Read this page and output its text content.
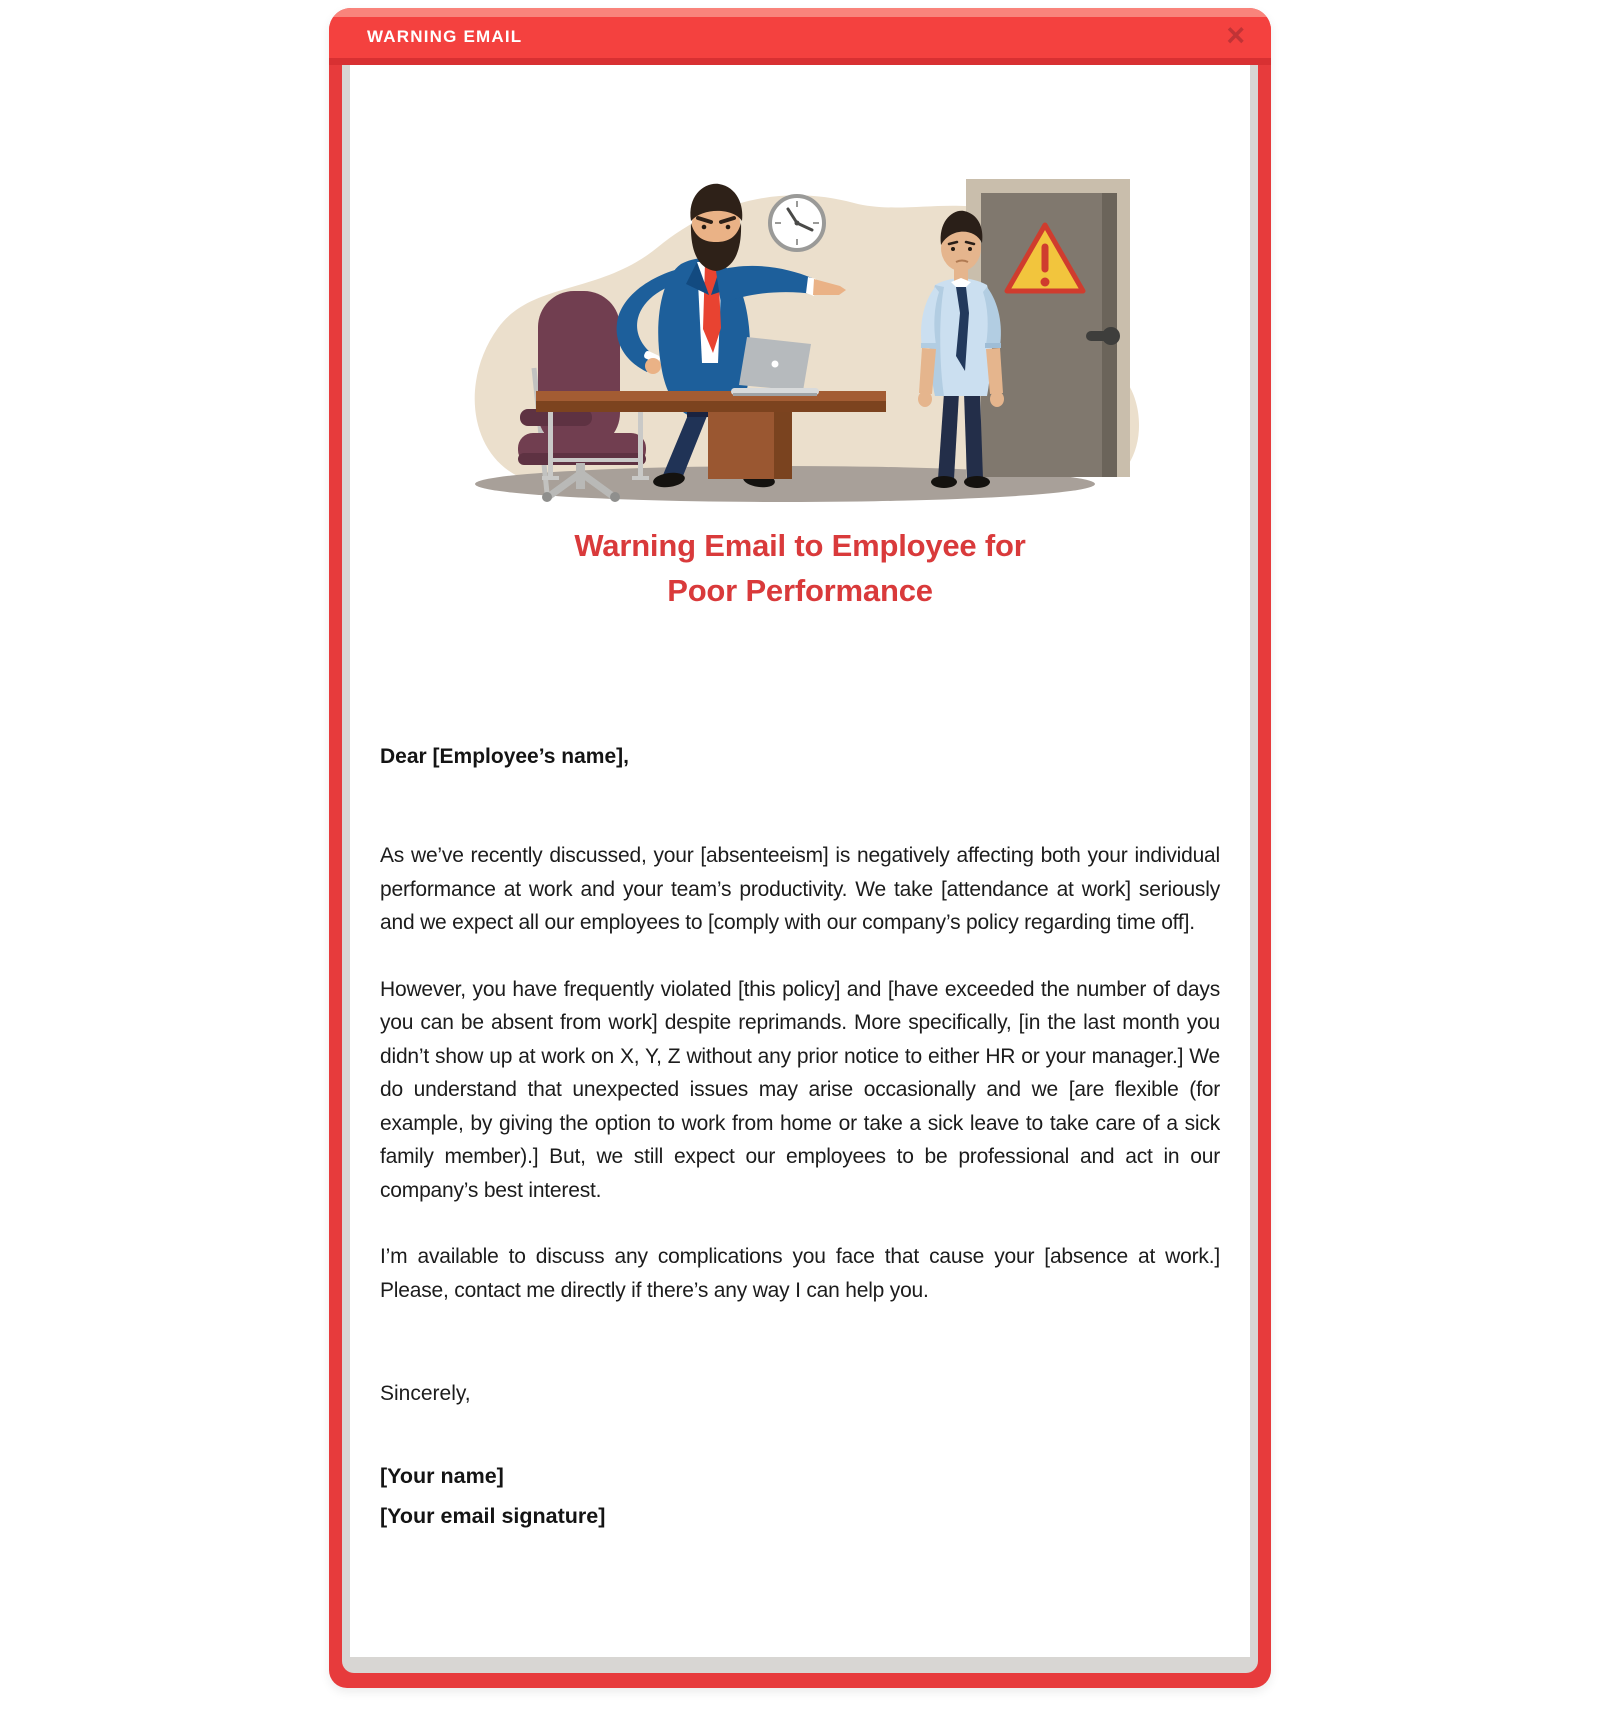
WARNING EMAIL	×
Warning Email to Employee for
Poor Performance
Dear [Employee’s name],

As we’ve recently discussed, your [absenteeism] is negatively affecting both your individual performance at work and your team’s productivity. We take [attendance at work] seriously and we expect all our employees to [comply with our company’s policy regarding time off].

However, you have frequently violated [this policy] and [have exceeded the number of days you can be absent from work] despite reprimands. More specifically, [in the last month you didn’t show up at work on X, Y, Z without any prior notice to either HR or your manager.] We do understand that unexpected issues may arise occasionally and we [are flexible (for example, by giving the option to work from home or take a sick leave to take care of a sick family member).] But, we still expect our employees to be professional and act in our company’s best interest.

I’m available to discuss any complications you face that cause your [absence at work.] Please, contact me directly if there’s any way I can help you.

Sincerely,
[Your name]
[Your email signature]
